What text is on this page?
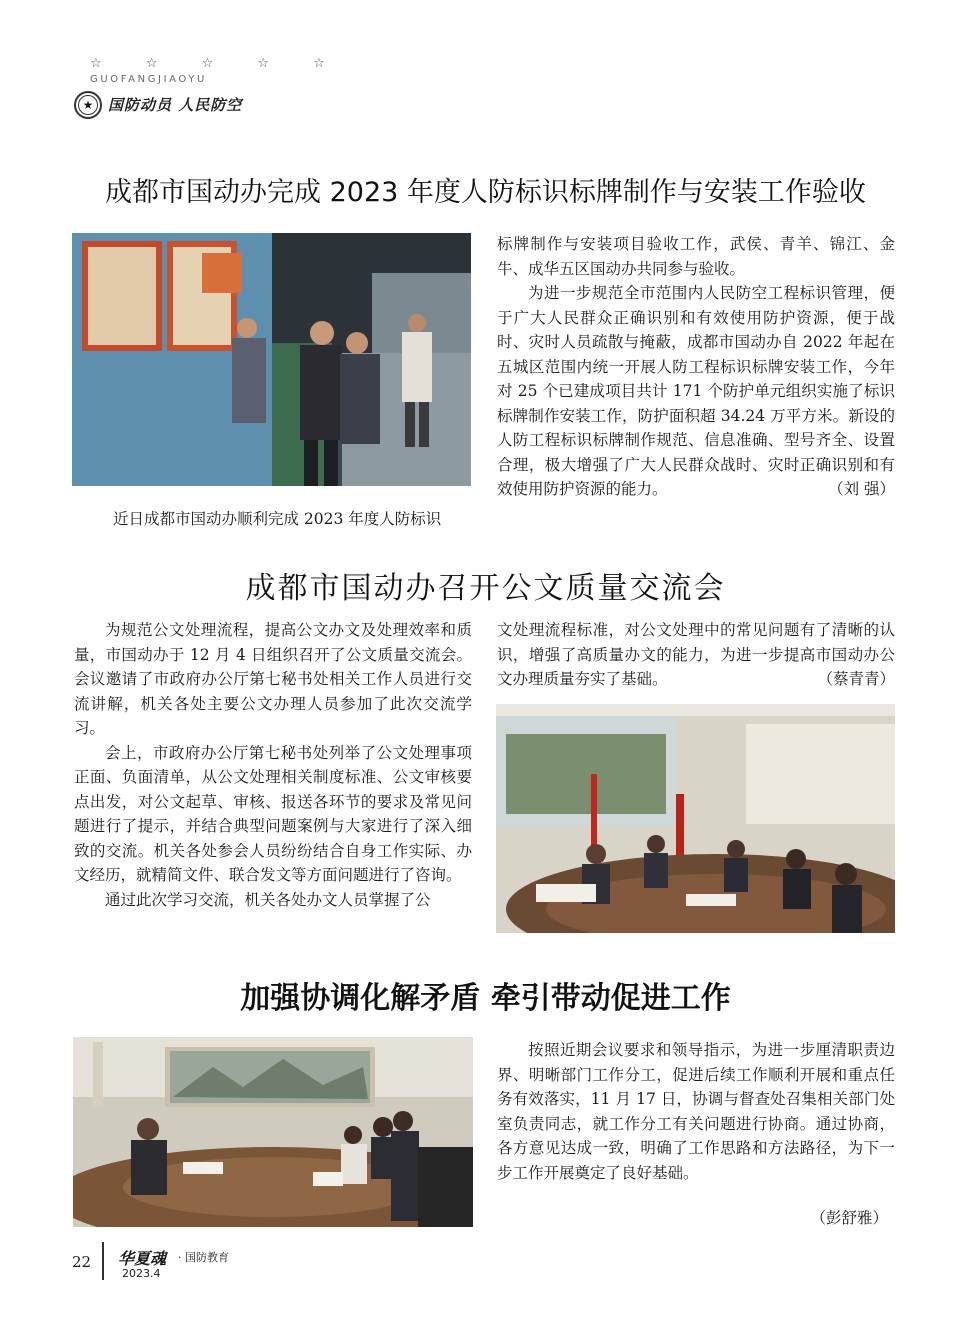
☆ ☆ ☆ ☆ ☆
GUOFANGJIAOYU
★ 国防动员 人民防空
成都市国动办完成 2023 年度人防标识标牌制作与安装工作验收
近日成都市国动办顺利完成 2023 年度人防标识

标牌制作与安装项目验收工作，武侯、青羊、锦江、金牛、成华五区国动办共同参与验收。

为进一步规范全市范围内人民防空工程标识管理，便于广大人民群众正确识别和有效使用防护资源，便于战时、灾时人员疏散与掩蔽，成都市国动办自 2022 年起在五城区范围内统一开展人防工程标识标牌安装工作，今年对 25 个已建成项目共计 171 个防护单元组织实施了标识标牌制作安装工作，防护面积超 34.24 万平方米。新设的人防工程标识标牌制作规范、信息准确、型号齐全、设置合理，极大增强了广大人民群众战时、灾时正确识别和有效使用防护资源的能力。	（刘 强）

成都市国动办召开公文质量交流会

为规范公文处理流程，提高公文办文及处理效率和质量，市国动办于 12 月 4 日组织召开了公文质量交流会。会议邀请了市政府办公厅第七秘书处相关工作人员进行交流讲解，机关各处主要公文办理人员参加了此次交流学习。

会上，市政府办公厅第七秘书处列举了公文处理事项正面、负面清单，从公文处理相关制度标准、公文审核要点出发，对公文起草、审核、报送各环节的要求及常见问题进行了提示，并结合典型问题案例与大家进行了深入细致的交流。机关各处参会人员纷纷结合自身工作实际、办文经历，就精简文件、联合发文等方面问题进行了咨询。

通过此次学习交流，机关各处办文人员掌握了公

文处理流程标准，对公文处理中的常见问题有了清晰的认识，增强了高质量办文的能力，为进一步提高市国动办公文办理质量夯实了基础。	（蔡青青）

加强协调化解矛盾 牵引带动促进工作

按照近期会议要求和领导指示，为进一步厘清职责边界、明晰部门工作分工，促进后续工作顺利开展和重点任务有效落实，11 月 17 日，协调与督查处召集相关部门处室负责同志，就工作分工有关问题进行协商。通过协商，各方意见达成一致，明确了工作思路和方法路径，为下一步工作开展奠定了良好基础。

（彭舒雅）
22 华夏魂 · 国防教育
2023.4
